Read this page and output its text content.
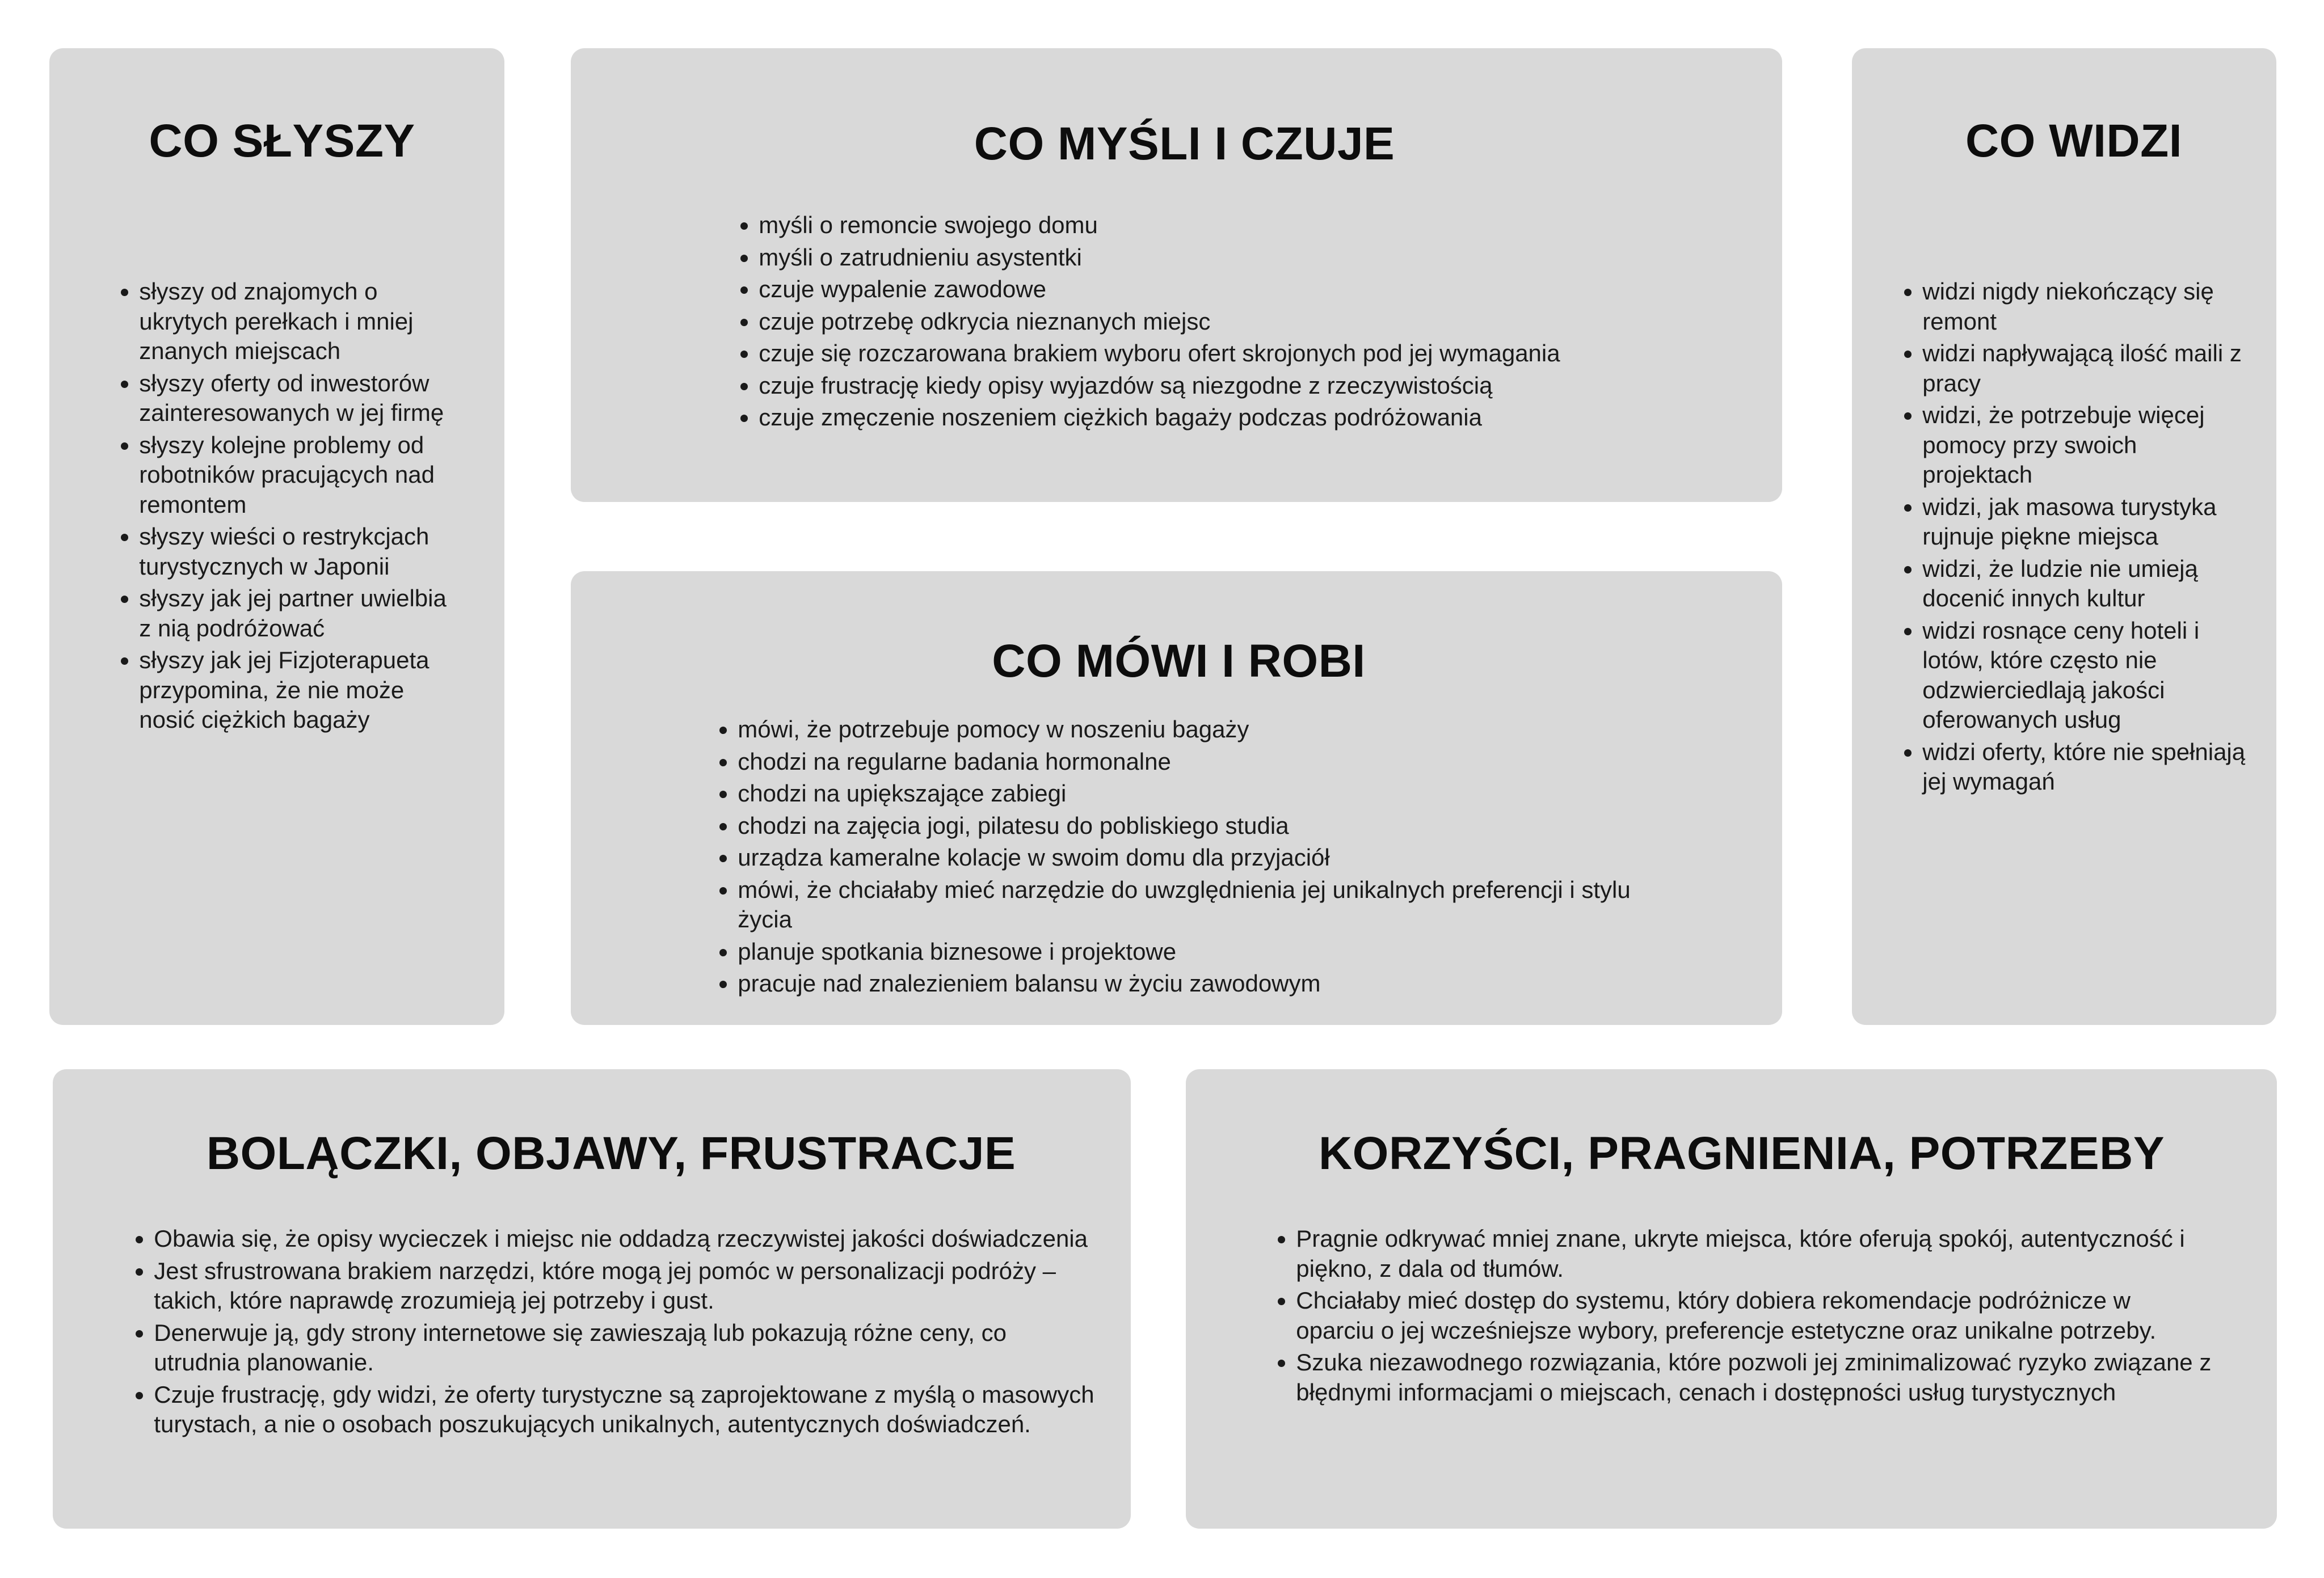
CO SŁYSZY
• słyszy od znajomych o ukrytych perełkach i mniej znanych miejscach
• słyszy oferty od inwestorów zainteresowanych w jej firmę
• słyszy kolejne problemy od robotników pracujących nad remontem
• słyszy wieści o restrykcjach turystycznych w Japonii
• słyszy jak jej partner uwielbia z nią podróżować
• słyszy jak jej Fizjoterapueta przypomina, że nie może nosić ciężkich bagaży
CO MYŚLI I CZUJE
• myśli o remoncie swojego domu
• myśli o zatrudnieniu asystentki
• czuje wypalenie zawodowe
• czuje potrzebę odkrycia nieznanych miejsc
• czuje się rozczarowana brakiem wyboru ofert skrojonych pod jej wymagania
• czuje frustrację kiedy opisy wyjazdów są niezgodne z rzeczywistością
• czuje zmęczenie noszeniem ciężkich bagaży podczas podróżowania
CO WIDZI
• widzi nigdy niekończący się remont
• widzi napływającą ilość maili z pracy
• widzi, że potrzebuje więcej pomocy przy swoich projektach
• widzi, jak masowa turystyka rujnuje piękne miejsca
• widzi, że ludzie nie umieją docenić innych kultur
• widzi rosnące ceny hoteli i lotów, które często nie odzwierciedlają jakości oferowanych usług
• widzi oferty, które nie spełniają jej wymagań
CO MÓWI I ROBI
• mówi, że potrzebuje pomocy w noszeniu bagaży
• chodzi na regularne badania hormonalne
• chodzi na upiększające zabiegi
• chodzi na zajęcia jogi, pilatesu do pobliskiego studia
• urządza kameralne kolacje w swoim domu dla przyjaciół
• mówi, że chciałaby mieć narzędzie do uwzględnienia jej unikalnych preferencji i stylu życia
• planuje spotkania biznesowe i projektowe
• pracuje nad znalezieniem balansu w życiu zawodowym
BOLĄCZKI, OBJAWY, FRUSTRACJE
• Obawia się, że opisy wycieczek i miejsc nie oddadzą rzeczywistej jakości doświadczenia
• Jest sfrustrowana brakiem narzędzi, które mogą jej pomóc w personalizacji podróży – takich, które naprawdę zrozumieją jej potrzeby i gust.
• Denerwuje ją, gdy strony internetowe się zawieszają lub pokazują różne ceny, co utrudnia planowanie.
• Czuje frustrację, gdy widzi, że oferty turystyczne są zaprojektowane z myślą o masowych turystach, a nie o osobach poszukujących unikalnych, autentycznych doświadczeń.
KORZYŚCI, PRAGNIENIA, POTRZEBY
• Pragnie odkrywać mniej znane, ukryte miejsca, które oferują spokój, autentyczność i piękno, z dala od tłumów.
• Chciałaby mieć dostęp do systemu, który dobiera rekomendacje podróżnicze w oparciu o jej wcześniejsze wybory, preferencje estetyczne oraz unikalne potrzeby.
• Szuka niezawodnego rozwiązania, które pozwoli jej zminimalizować ryzyko związane z błędnymi informacjami o miejscach, cenach i dostępności usług turystycznych
